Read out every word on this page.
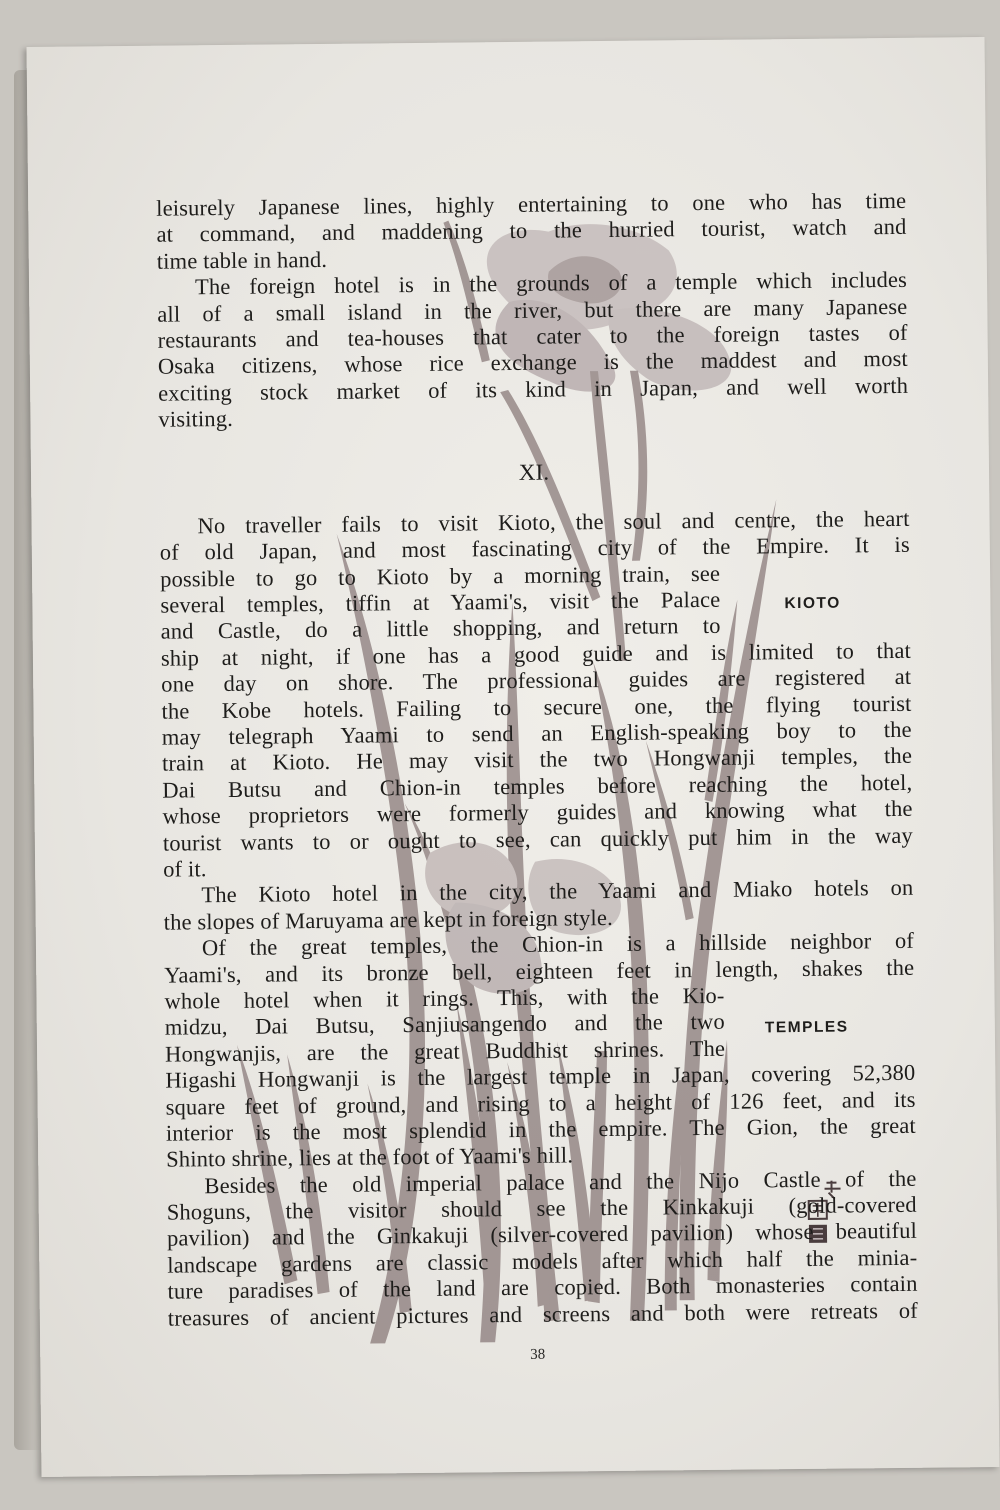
leisurely Japanese lines, highly entertaining to one who has time
at command, and maddening to the hurried tourist, watch and
time table in hand.
The foreign hotel is in the grounds of a temple which includes
all of a small island in the river, but there are many Japanese
restaurants and tea-houses that cater to the foreign tastes of
Osaka citizens, whose rice exchange is the maddest and most
exciting stock market of its kind in Japan, and well worth
visiting.
XI.
No traveller fails to visit Kioto, the soul and centre, the heart
of old Japan, and most fascinating city of the Empire. It is
possible to go to Kioto by a morning train, see
several temples, tiffin at Yaami's, visit the Palace
and Castle, do a little shopping, and return to
ship at night, if one has a good guide and is limited to that
one day on shore. The professional guides are registered at
the Kobe hotels. Failing to secure one, the flying tourist
may telegraph Yaami to send an English-speaking boy to the
train at Kioto. He may visit the two Hongwanji temples, the
Dai Butsu and Chion-in temples before reaching the hotel,
whose proprietors were formerly guides and knowing what the
tourist wants to or ought to see, can quickly put him in the way
of it.
The Kioto hotel in the city, the Yaami and Miako hotels on
the slopes of Maruyama are kept in foreign style.
Of the great temples, the Chion-in is a hillside neighbor of
Yaami's, and its bronze bell, eighteen feet in length, shakes the
whole hotel when it rings. This, with the Kio-
midzu, Dai Butsu, Sanjiusangendo and the two
Hongwanjis, are the great Buddhist shrines. The
Higashi Hongwanji is the largest temple in Japan, covering 52,380
square feet of ground, and rising to a height of 126 feet, and its
interior is the most splendid in the empire. The Gion, the great
Shinto shrine, lies at the foot of Yaami's hill.
Besides the old imperial palace and the Nijo Castle of the
Shoguns, the visitor should see the Kinkakuji (gold-covered
pavilion) and the Ginkakuji (silver-covered pavilion) whose beautiful
landscape gardens are classic models after which half the minia-
ture paradises of the land are copied. Both monasteries contain
treasures of ancient pictures and screens and both were retreats of
KIOTO
TEMPLES
38
